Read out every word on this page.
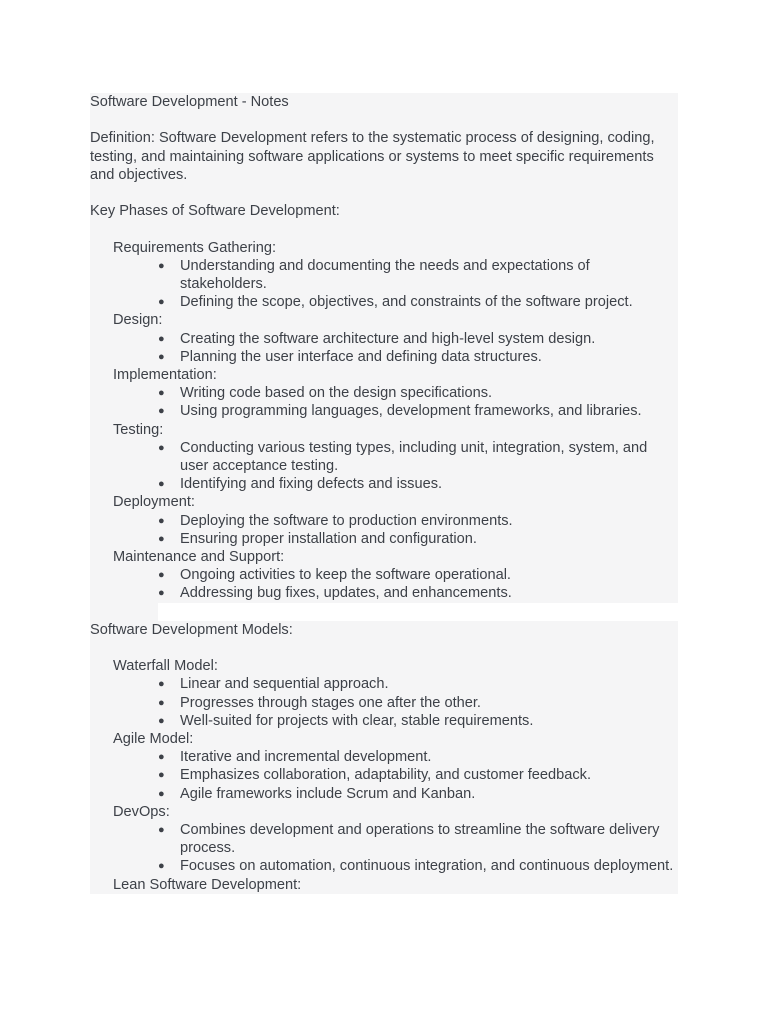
Software Development - Notes
Definition: Software Development refers to the systematic process of designing, coding, testing, and maintaining software applications or systems to meet specific requirements and objectives.
Key Phases of Software Development:
Requirements Gathering:
● Understanding and documenting the needs and expectations of stakeholders.
● Defining the scope, objectives, and constraints of the software project.
Design:
● Creating the software architecture and high-level system design.
● Planning the user interface and defining data structures.
Implementation:
● Writing code based on the design specifications.
● Using programming languages, development frameworks, and libraries.
Testing:
● Conducting various testing types, including unit, integration, system, and user acceptance testing.
● Identifying and fixing defects and issues.
Deployment:
● Deploying the software to production environments.
● Ensuring proper installation and configuration.
Maintenance and Support:
● Ongoing activities to keep the software operational.
● Addressing bug fixes, updates, and enhancements.
Software Development Models:
Waterfall Model:
● Linear and sequential approach.
● Progresses through stages one after the other.
● Well-suited for projects with clear, stable requirements.
Agile Model:
● Iterative and incremental development.
● Emphasizes collaboration, adaptability, and customer feedback.
● Agile frameworks include Scrum and Kanban.
DevOps:
● Combines development and operations to streamline the software delivery process.
● Focuses on automation, continuous integration, and continuous deployment.
Lean Software Development:
